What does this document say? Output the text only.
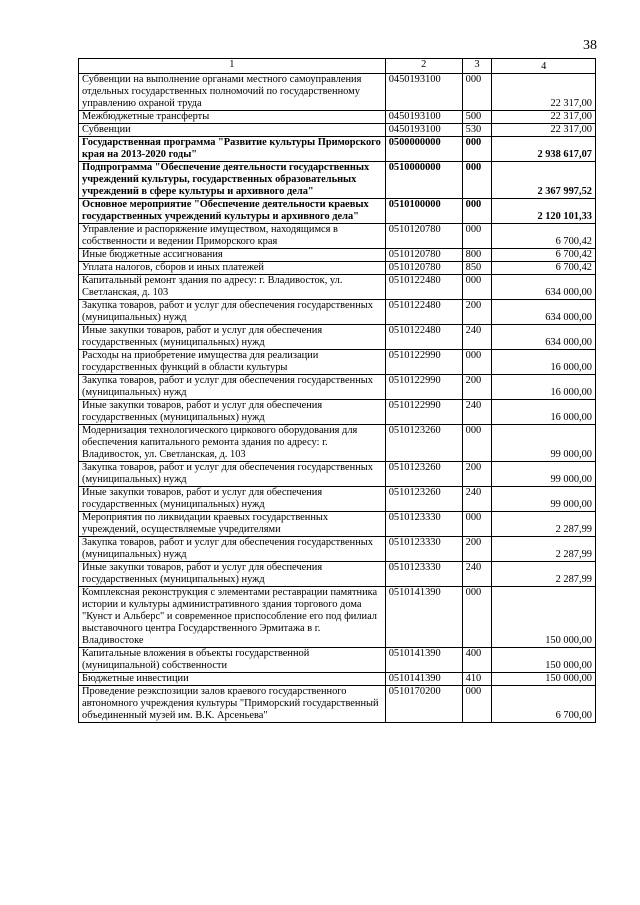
38
1	2	3	4
Субвенции на выполнение органами местного самоуправления отдельных государственных полномочий по государственному управлению охраной труда	0450193100	000	22 317,00
Межбюджетные трансферты	0450193100	500	22 317,00
Субвенции	0450193100	530	22 317,00
Государственная программа "Развитие культуры Приморского края на 2013-2020 годы"	0500000000	000	2 938 617,07
Подпрограмма "Обеспечение деятельности государственных учреждений культуры, государственных образовательных учреждений в сфере культуры и архивного дела"	0510000000	000	2 367 997,52
Основное мероприятие "Обеспечение деятельности краевых государственных учреждений культуры и архивного дела"	0510100000	000	2 120 101,33
Управление и распоряжение имуществом, находящимся в собственности и ведении Приморского края	0510120780	000	6 700,42
Иные бюджетные ассигнования	0510120780	800	6 700,42
Уплата налогов, сборов и иных платежей	0510120780	850	6 700,42
Капитальный ремонт здания по адресу: г. Владивосток, ул. Светланская, д. 103	0510122480	000	634 000,00
Закупка товаров, работ и услуг для обеспечения государственных (муниципальных) нужд	0510122480	200	634 000,00
Иные закупки товаров, работ и услуг для обеспечения государственных (муниципальных) нужд	0510122480	240	634 000,00
Расходы на приобретение имущества для реализации государственных функций в области культуры	0510122990	000	16 000,00
Закупка товаров, работ и услуг для обеспечения государственных (муниципальных) нужд	0510122990	200	16 000,00
Иные закупки товаров, работ и услуг для обеспечения государственных (муниципальных) нужд	0510122990	240	16 000,00
Модернизация технологического циркового оборудования для обеспечения капитального ремонта здания по адресу: г. Владивосток, ул. Светланская, д. 103	0510123260	000	99 000,00
Закупка товаров, работ и услуг для обеспечения государственных (муниципальных) нужд	0510123260	200	99 000,00
Иные закупки товаров, работ и услуг для обеспечения государственных (муниципальных) нужд	0510123260	240	99 000,00
Мероприятия по ликвидации краевых государственных учреждений, осуществляемые учредителями	0510123330	000	2 287,99
Закупка товаров, работ и услуг для обеспечения государственных (муниципальных) нужд	0510123330	200	2 287,99
Иные закупки товаров, работ и услуг для обеспечения государственных (муниципальных) нужд	0510123330	240	2 287,99
Комплексная реконструкция с элементами реставрации памятника истории и культуры административного здания торгового дома "Кунст и Альберс" и современное приспособление его под филиал выставочного центра Государственного Эрмитажа в г. Владивостоке	0510141390	000	150 000,00
Капитальные вложения в объекты государственной (муниципальной) собственности	0510141390	400	150 000,00
Бюджетные инвестиции	0510141390	410	150 000,00
Проведение реэкспозиции залов краевого государственного автономного учреждения культуры "Приморский государственный объединенный музей им. В.К. Арсеньева"	0510170200	000	6 700,00
